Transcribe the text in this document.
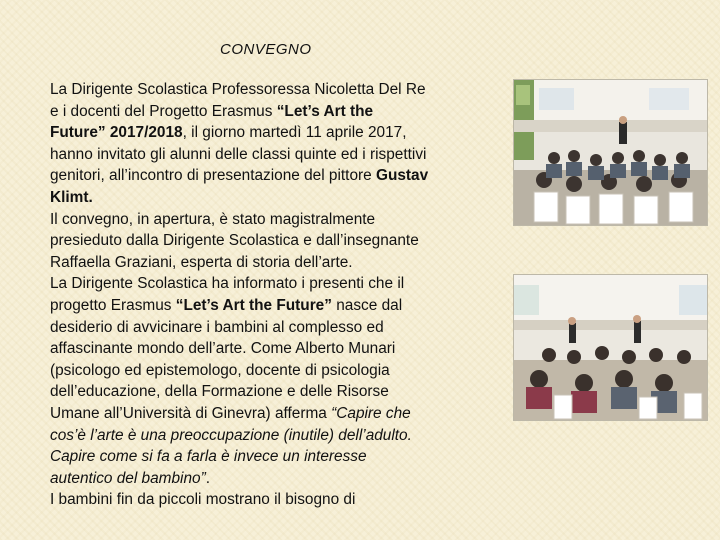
CONVEGNO
La Dirigente Scolastica Professoressa Nicoletta Del Re
e i docenti del Progetto Erasmus “Let’s Art the
Future” 2017/2018, il giorno martedì 11 aprile 2017,
hanno invitato gli alunni delle classi quinte ed i rispettivi
genitori, all’incontro di presentazione del pittore Gustav
Klimt.
Il convegno, in apertura, è stato magistralmente
presieduto dalla Dirigente Scolastica e dall’insegnante
Raffaella Graziani, esperta di storia dell’arte.
La Dirigente Scolastica ha informato i presenti che il
progetto Erasmus “Let’s Art the Future” nasce dal
desiderio di avvicinare i bambini al complesso ed
affascinante mondo dell’arte. Come Alberto Munari
(psicologo ed epistemologo, docente di psicologia
dell’educazione, della Formazione e delle Risorse
Umane all’Università di Ginevra) afferma “Capire che
cos’è l’arte è una preoccupazione (inutile) dell’adulto.
Capire come si fa a farla è invece un interesse
autentico del bambino”.
I bambini fin da piccoli mostrano il bisogno di
